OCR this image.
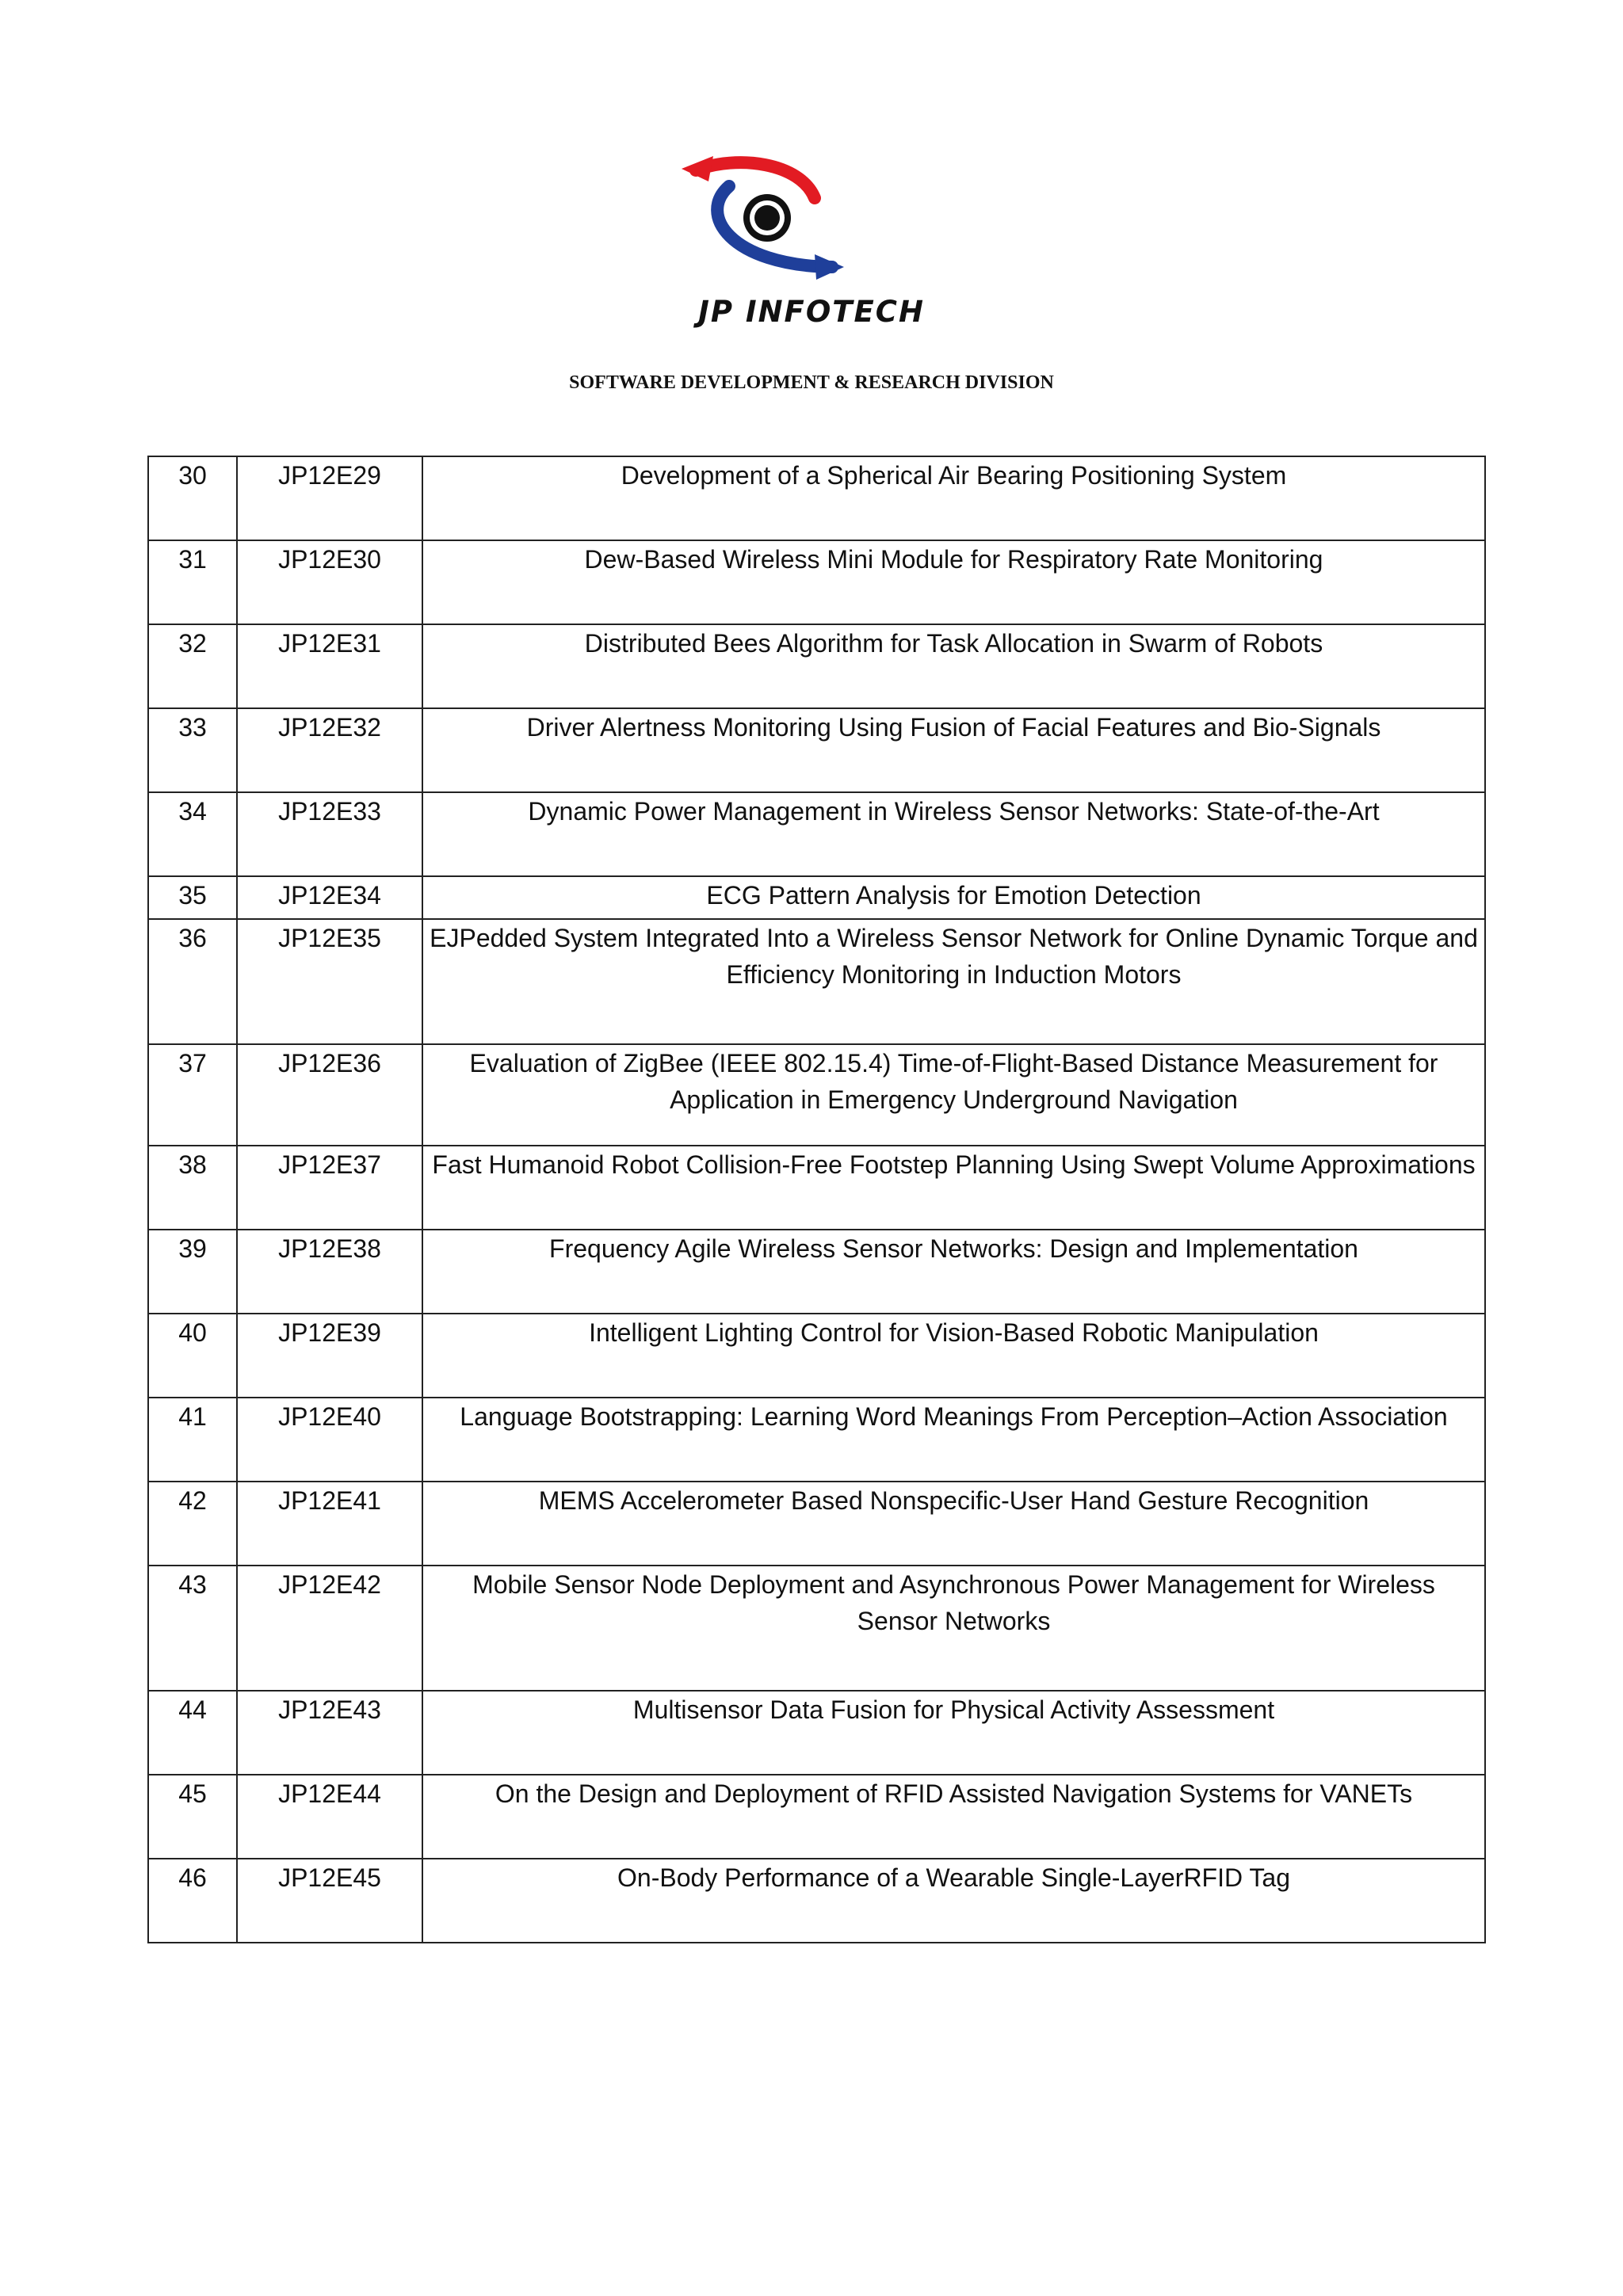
JP INFOTECH
SOFTWARE DEVELOPMENT & RESEARCH DIVISION
30	JP12E29	Development of a Spherical Air Bearing Positioning System
31	JP12E30	Dew-Based Wireless Mini Module for Respiratory Rate Monitoring
32	JP12E31	Distributed Bees Algorithm for Task Allocation in Swarm of Robots
33	JP12E32	Driver Alertness Monitoring Using Fusion of Facial Features and Bio-Signals
34	JP12E33	Dynamic Power Management in Wireless Sensor Networks: State-of-the-Art
35	JP12E34	ECG Pattern Analysis for Emotion Detection
36	JP12E35	EJPedded System Integrated Into a Wireless Sensor Network for Online Dynamic Torque and Efficiency Monitoring in Induction Motors
37	JP12E36	Evaluation of ZigBee (IEEE 802.15.4) Time-of-Flight-Based Distance Measurement for Application in Emergency Underground Navigation
38	JP12E37	Fast Humanoid Robot Collision-Free Footstep Planning Using Swept Volume Approximations
39	JP12E38	Frequency Agile Wireless Sensor Networks: Design and Implementation
40	JP12E39	Intelligent Lighting Control for Vision-Based Robotic Manipulation
41	JP12E40	Language Bootstrapping: Learning Word Meanings From Perception–Action Association
42	JP12E41	MEMS Accelerometer Based Nonspecific-User Hand Gesture Recognition
43	JP12E42	Mobile Sensor Node Deployment and Asynchronous Power Management for Wireless Sensor Networks
44	JP12E43	Multisensor Data Fusion for Physical Activity Assessment
45	JP12E44	On the Design and Deployment of RFID Assisted Navigation Systems for VANETs
46	JP12E45	On-Body Performance of a Wearable Single-LayerRFID Tag
